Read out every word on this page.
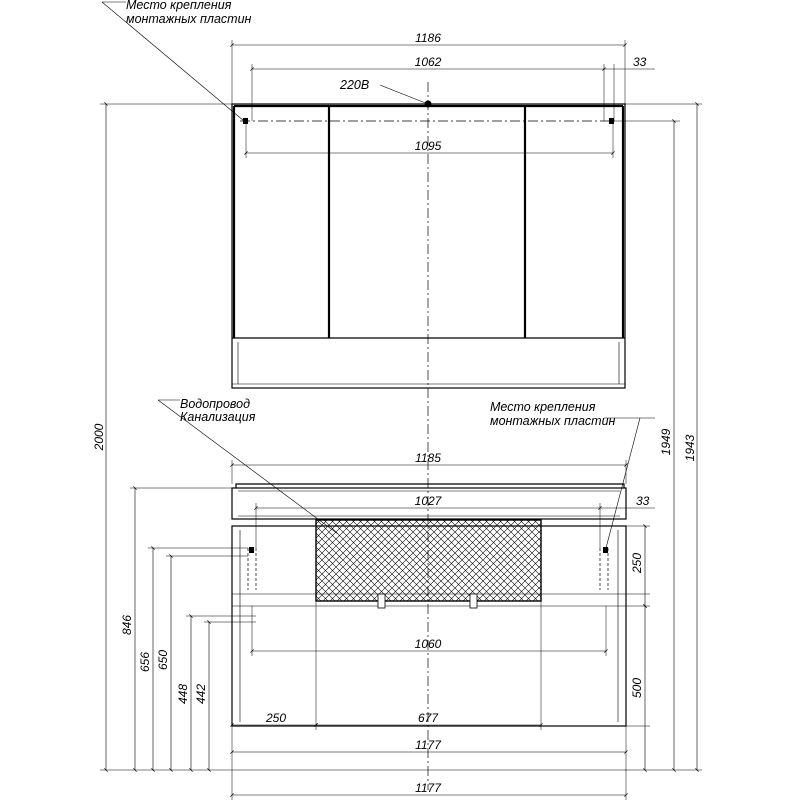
220В
Место крепления
монтажных пластин
1186
1062	33
1095
2000	1949 1943
Водопровод
Канализация
Место крепления
монтажных пластин
1185
1027	33
250
500
1060
250	677
1177
1177
846
656 650
448 442
